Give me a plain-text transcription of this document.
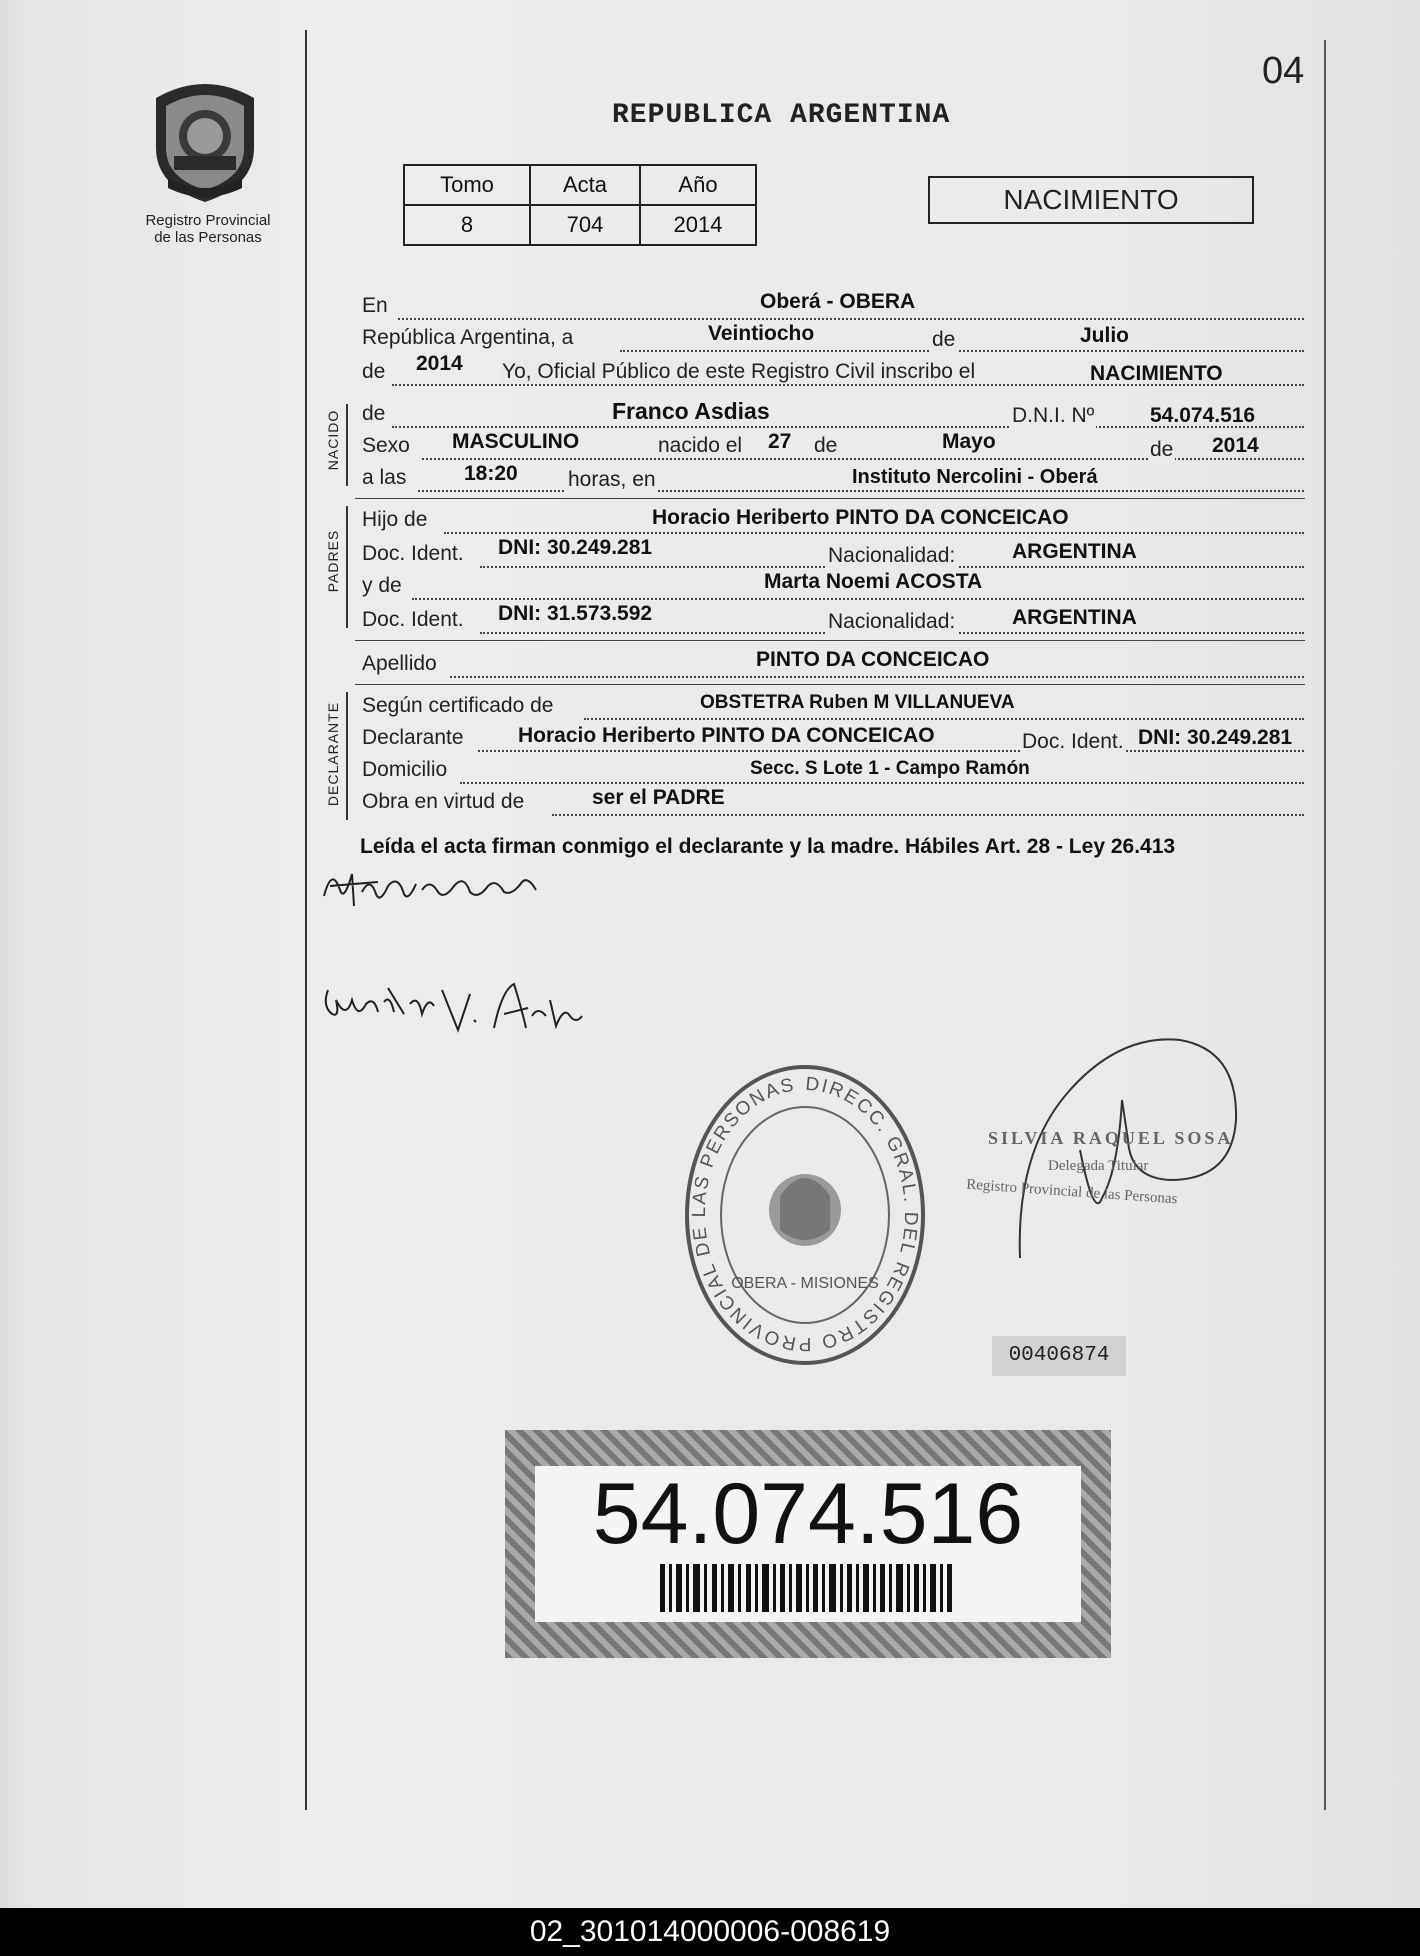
04
Registro Provincial
de las Personas
REPUBLICA ARGENTINA
Tomo	Acta	Año
8	704	2014
NACIMIENTO
En	Oberá - OBERA
República Argentina, a	Veintiocho	de	Julio
de 2014 Yo, Oficial Público de este Registro Civil inscribo el	NACIMIENTO
NACIDO de	Franco Asdias	D.N.I. Nº	54.074.516
Sexo MASCULINO	nacido el 27 de	Mayo	de 2014
a las	18:20 horas, en	Instituto Nercolini - Oberá
PADRES
Hijo de	Horacio Heriberto PINTO DA CONCEICAO
Doc. Ident. DNI: 30.249.281	Nacionalidad:	ARGENTINA
y de	Marta Noemi ACOSTA
Doc. Ident. DNI: 31.573.592	Nacionalidad:	ARGENTINA
Apellido	PINTO DA CONCEICAO
DECLARANTE Según certificado de	OBSTETRA Ruben M VILLANUEVA
Declarante	Horacio Heriberto PINTO DA CONCEICAO	Doc. Ident. DNI: 30.249.281
Domicilio	Secc. S Lote 1 - Campo Ramón
Obra en virtud de	ser el PADRE
Leída el acta firman conmigo el declarante y la madre. Hábiles Art. 28 - Ley 26.413
DIRECC. GRAL. DEL REGISTRO PROVINCIAL DE LAS PERSONAS
OBERA - MISIONES
SILVIA RAQUEL SOSA
Delegada Titular
Registro Provincial de las Personas
00406874
54.074.516
02_301014000006-008619
